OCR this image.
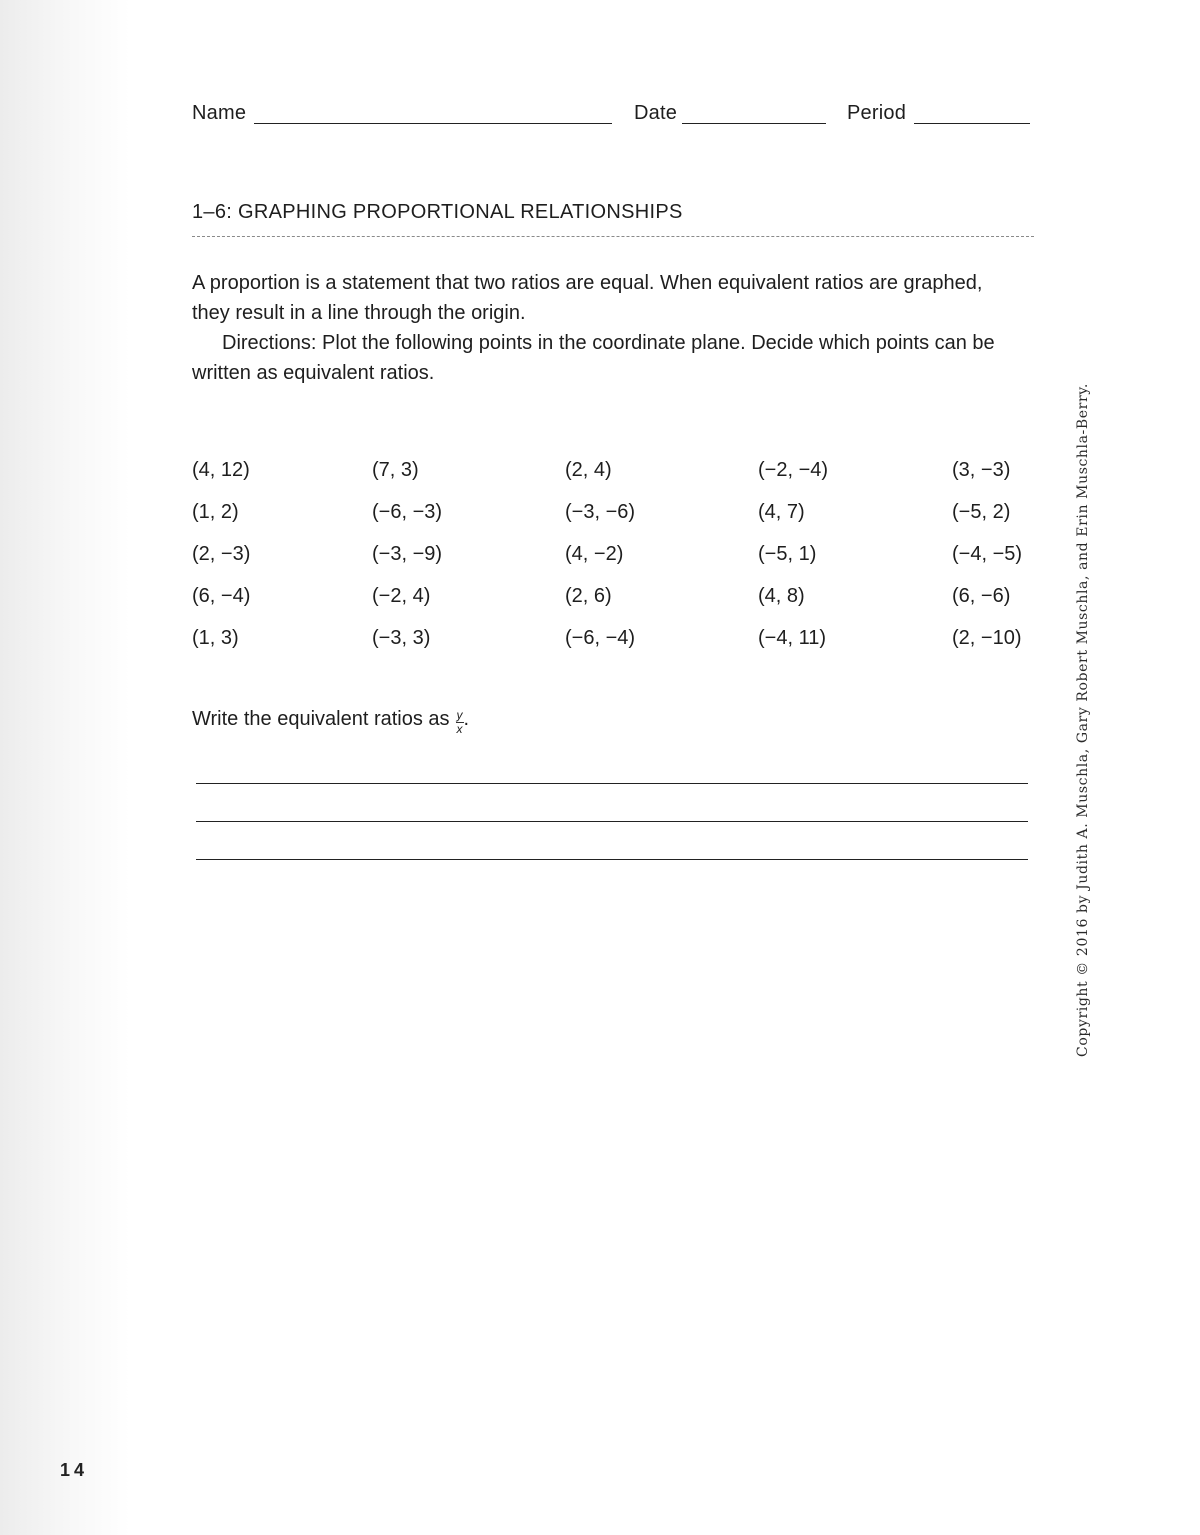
Name	Date	Period
1–6: GRAPHING PROPORTIONAL RELATIONSHIPS

A proportion is a statement that two ratios are equal. When equivalent ratios are graphed, they result in a line through the origin.

Directions: Plot the following points in the coordinate plane. Decide which points can be written as equivalent ratios.

(4, 12)	(7, 3)	(2, 4)	(−2, −4)	(3, −3)
(1, 2)	(−6, −3)	(−3, −6)	(4, 7)	(−5, 2)
(2, −3)	(−3, −9)	(4, −2)	(−5, 1)	(−4, −5)
(6, −4)	(−2, 4)	(2, 6)	(4, 8)	(6, −6)
(1, 3)	(−3, 3)	(−6, −4)	(−4, 11)	(2, −10)
Write the equivalent ratios as $\frac{y}{x}$ .	Copyright © 2016 by Judith A. Muschla, Gary Robert Muschla, and Erin Muschla-Berry.
14
